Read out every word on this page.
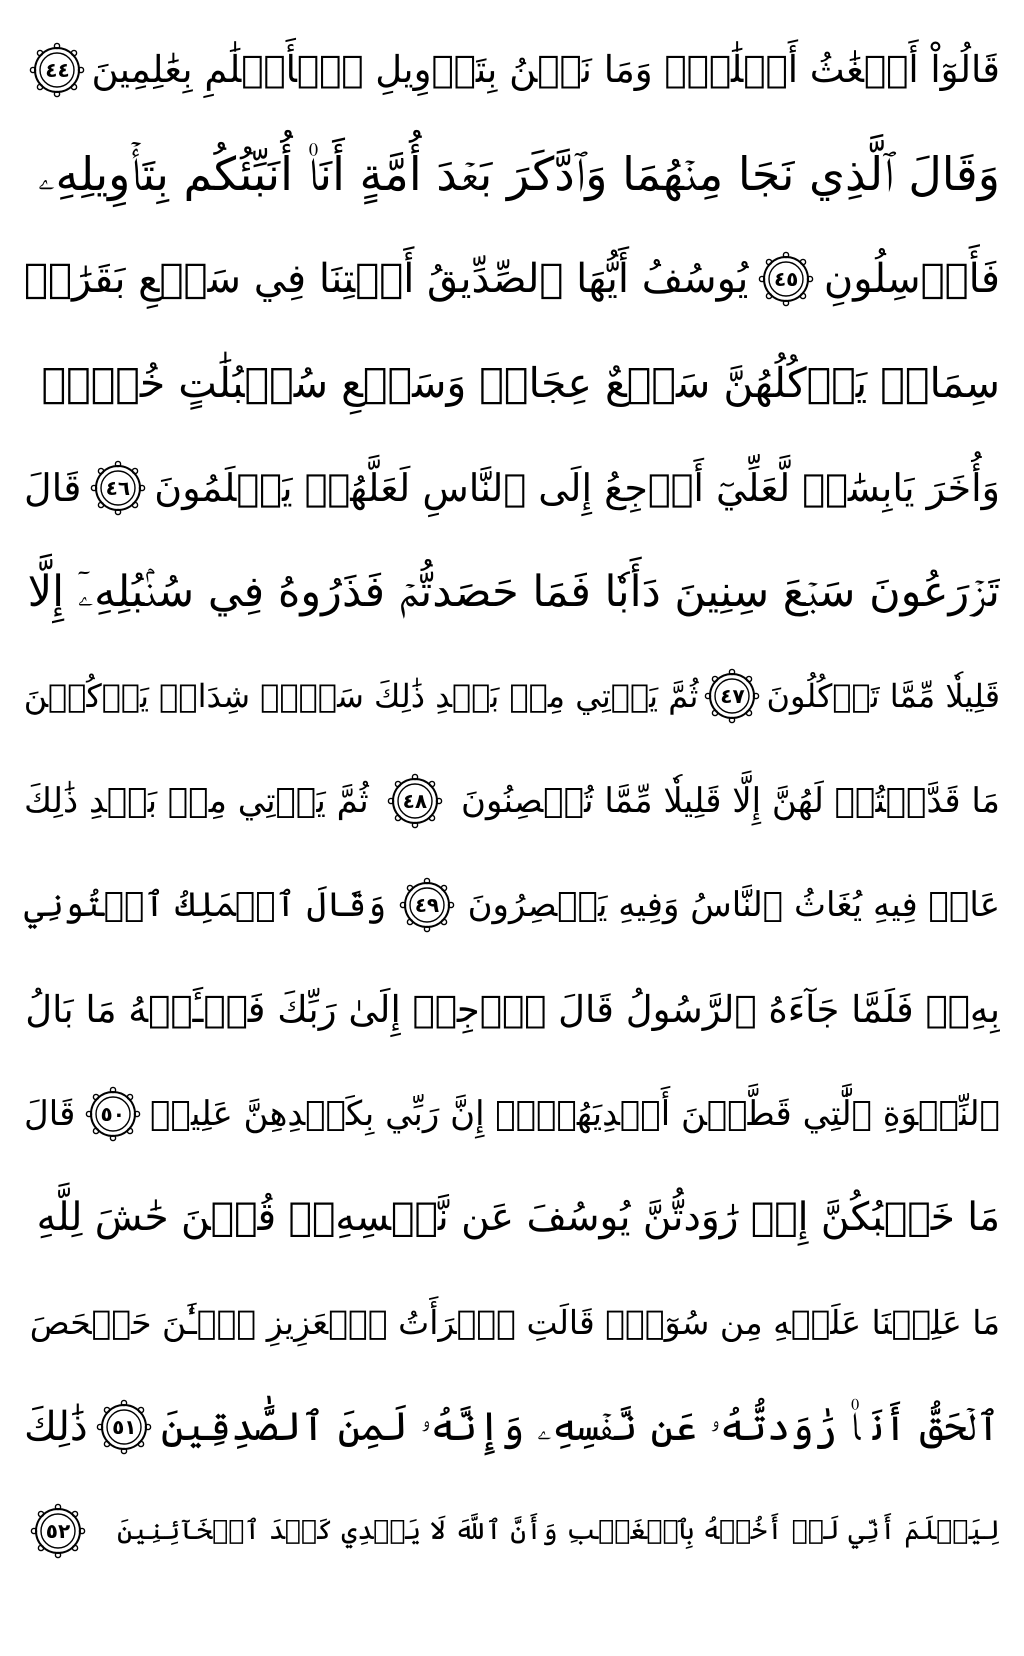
قَالُوٓاْ أَضۡغَٰثُ أَحۡلَٰمٖۖ وَمَا نَحۡنُ بِتَأۡوِيلِ ٱلۡأَحۡلَٰمِ بِعَٰلِمِينَ
٤٤
وَقَالَ ٱلَّذِي نَجَا مِنۡهُمَا وَٱدَّكَرَ بَعۡدَ أُمَّةٍ أَنَا۠ أُنَبِّئُكُم بِتَأۡوِيلِهِۦ
فَأَرۡسِلُونِ
٤٥
يُوسُفُ أَيُّهَا ٱلصِّدِّيقُ أَفۡتِنَا فِي سَبۡعِ بَقَرَٰتٖ
سِمَانٖ يَأۡكُلُهُنَّ سَبۡعٌ عِجَافٞ وَسَبۡعِ سُنۢبُلَٰتٍ خُضۡرٖ
وَأُخَرَ يَابِسَٰتٖ لَّعَلِّيٓ أَرۡجِعُ إِلَى ٱلنَّاسِ لَعَلَّهُمۡ يَعۡلَمُونَ
٤٦
قَالَ
تَزۡرَعُونَ سَبۡعَ سِنِينَ دَأَبٗا فَمَا حَصَدتُّمۡ فَذَرُوهُ فِي سُنۢبُلِهِۦٓ إِلَّا
قَلِيلٗا مِّمَّا تَأۡكُلُونَ
٤٧
ثُمَّ يَأۡتِي مِنۢ بَعۡدِ ذَٰلِكَ سَبۡعٞ شِدَادٞ يَأۡكُلۡنَ
مَا قَدَّمۡتُمۡ لَهُنَّ إِلَّا قَلِيلٗا مِّمَّا تُحۡصِنُونَ
٤٨
ثُمَّ يَأۡتِي مِنۢ بَعۡدِ ذَٰلِكَ
عَامٞ فِيهِ يُغَاثُ ٱلنَّاسُ وَفِيهِ يَعۡصِرُونَ
٤٩
وَقَالَ ٱلۡمَلِكُ ٱئۡتُونِي
بِهِۦۖ فَلَمَّا جَآءَهُ ٱلرَّسُولُ قَالَ ٱرۡجِعۡ إِلَىٰ رَبِّكَ فَسۡـَٔلۡهُ مَا بَالُ
ٱلنِّسۡوَةِ ٱلَّٰتِي قَطَّعۡنَ أَيۡدِيَهُنَّۚ إِنَّ رَبِّي بِكَيۡدِهِنَّ عَلِيمٞ
٥٠
قَالَ
مَا خَطۡبُكُنَّ إِذۡ رَٰوَدتُّنَّ يُوسُفَ عَن نَّفۡسِهِۦۚ قُلۡنَ حَٰشَ لِلَّهِ
مَا عَلِمۡنَا عَلَيۡهِ مِن سُوٓءٖۚ قَالَتِ ٱمۡرَأَتُ ٱلۡعَزِيزِ ٱلۡـَٰٔنَ حَصۡحَصَ
ٱلۡحَقُّ أَنَا۠ رَٰوَدتُّهُۥ عَن نَّفۡسِهِۦ وَإِنَّهُۥ لَمِنَ ٱلصَّٰدِقِينَ
٥١
ذَٰلِكَ
لِيَعۡلَمَ أَنِّي لَمۡ أَخُنۡهُ بِٱلۡغَيۡبِ وَأَنَّ ٱللَّهَ لَا يَهۡدِي كَيۡدَ ٱلۡخَآئِنِينَ
٥٢
